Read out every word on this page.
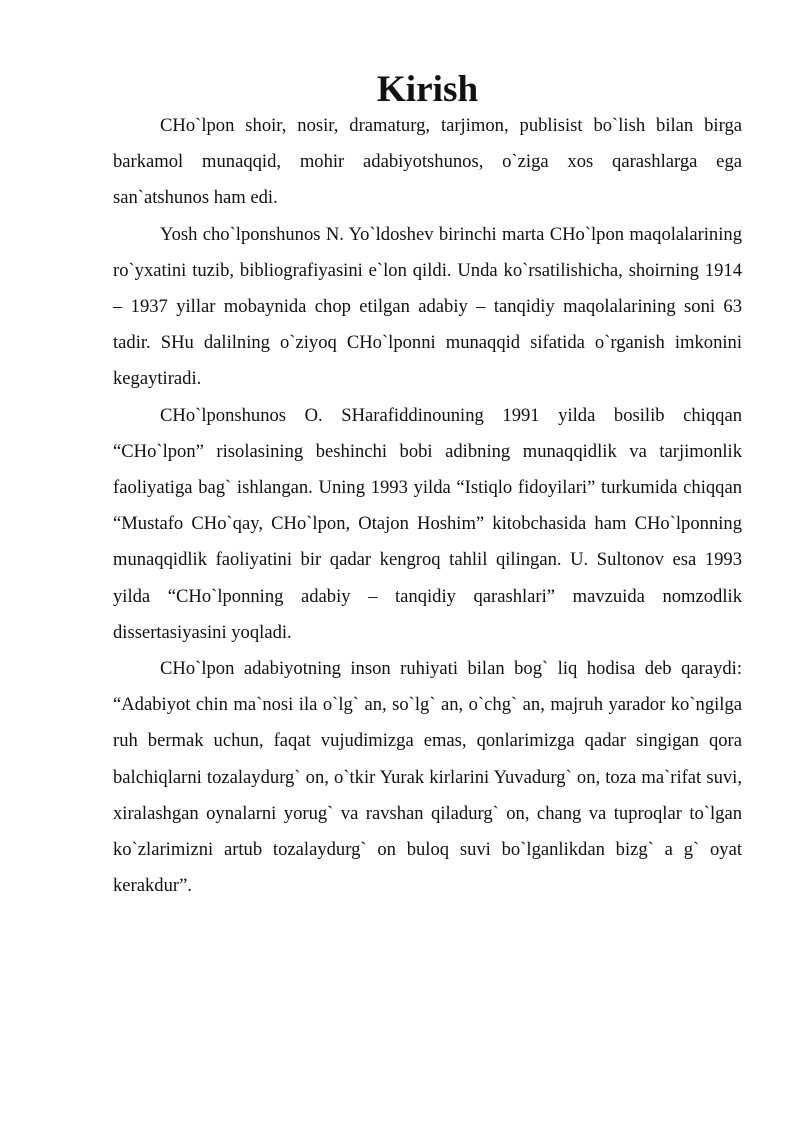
Kirish

CHo`lpon shoir, nosir, dramaturg, tarjimon, publisist bo`lish bilan birga barkamol munaqqid, mohir adabiyotshunos, o`ziga xos qarashlarga ega san`atshunos ham edi.

Yosh cho`lponshunos N. Yo`ldoshev birinchi marta CHo`lpon maqolalarining ro`yxatini tuzib, bibliografiyasini e`lon qildi. Unda ko`rsatilishicha, shoirning 1914 – 1937 yillar mobaynida chop etilgan adabiy – tanqidiy maqolalarining soni 63 tadir. SHu dalilning o`ziyoq CHo`lponni munaqqid sifatida o`rganish imkonini kegaytiradi.

CHo`lponshunos O. SHarafiddinouning 1991 yilda bosilib chiqqan “CHo`lpon” risolasining beshinchi bobi adibning munaqqidlik va tarjimonlik faoliyatiga bag` ishlangan. Uning 1993 yilda “Istiqlo fidoyilari” turkumida chiqqan “Mustafo CHo`qay, CHo`lpon, Otajon Hoshim” kitobchasida ham CHo`lponning munaqqidlik faoliyatini bir qadar kengroq tahlil qilingan. U. Sultonov esa 1993 yilda “CHo`lponning adabiy – tanqidiy qarashlari” mavzuida nomzodlik dissertasiyasini yoqladi.

CHo`lpon adabiyotning inson ruhiyati bilan bog` liq hodisa deb qaraydi: “Adabiyot chin ma`nosi ila o`lg` an, so`lg` an, o`chg` an, majruh yarador ko`ngilga ruh bermak uchun, faqat vujudimizga emas, qonlarimizga qadar singigan qora balchiqlarni tozalaydurg` on, o`tkir Yurak kirlarini Yuvadurg` on, toza ma`rifat suvi, xiralashgan oynalarni yorug` va ravshan qiladurg` on, chang va tuproqlar to`lgan ko`zlarimizni artub tozalaydurg` on buloq suvi bo`lganlikdan bizg` a g` oyat kerakdur”.
